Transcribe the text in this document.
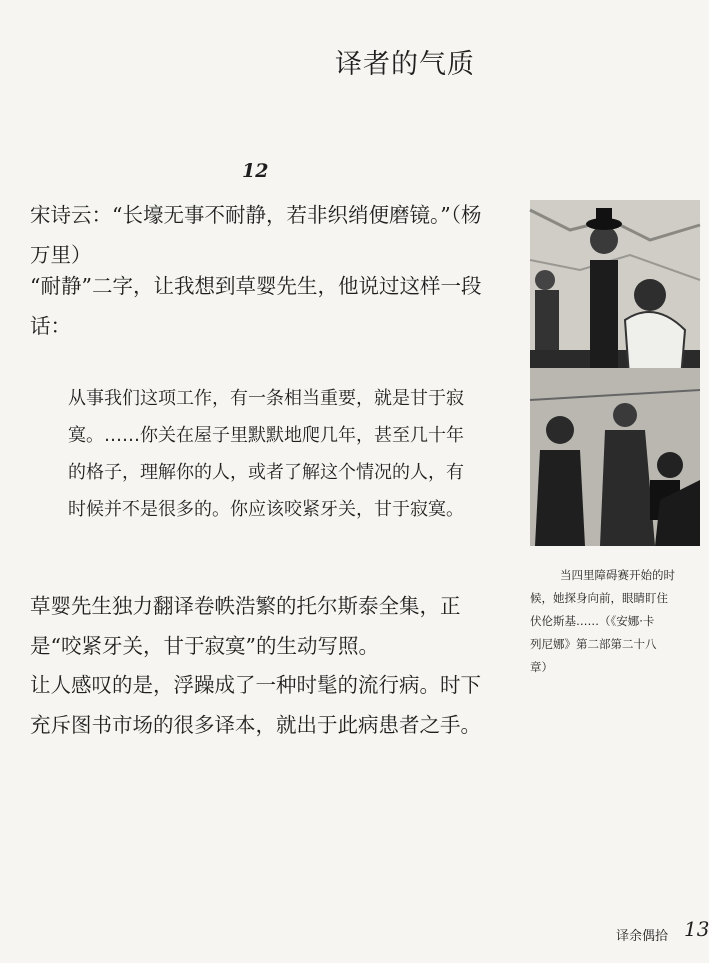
译者的气质
12

宋诗云：“长壕无事不耐静，若非织绡便磨镜。”（杨万里）

“耐静”二字，让我想到草婴先生，他说过这样一段话：

从事我们这项工作，有一条相当重要，就是甘于寂寞。……你关在屋子里默默地爬几年，甚至几十年的格子，理解你的人，或者了解这个情况的人，有时候并不是很多的。你应该咬紧牙关，甘于寂寞。

草婴先生独力翻译卷帙浩繁的托尔斯泰全集，正是“咬紧牙关，甘于寂寞”的生动写照。

让人感叹的是，浮躁成了一种时髦的流行病。时下充斥图书市场的很多译本，就出于此病患者之手。

当四里障碍赛开始的时
候，她探身向前，眼睛盯住
伏伦斯基……（《安娜·卡
列尼娜》第二部第二十八
章）
译余偶拾 13
